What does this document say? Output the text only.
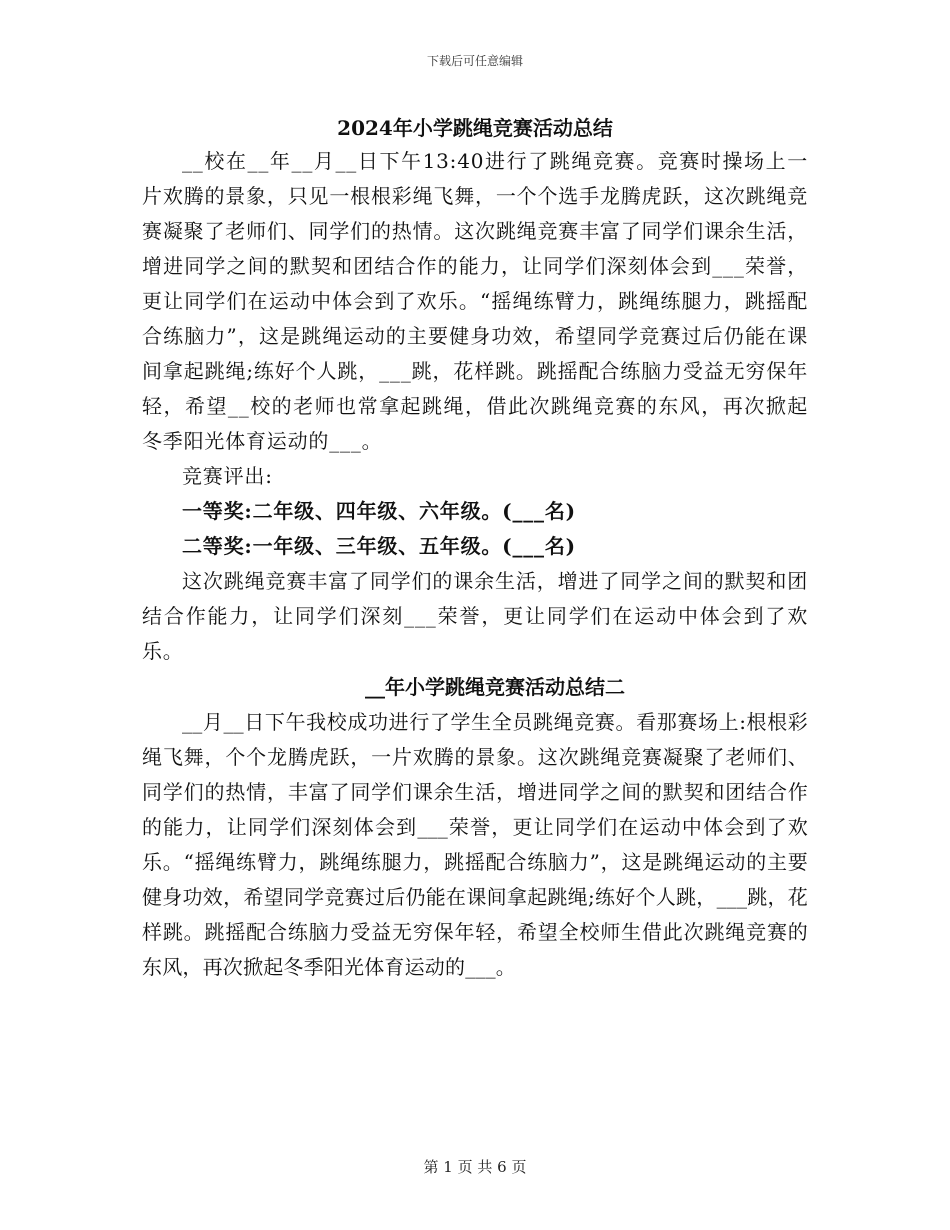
下载后可任意编辑
2024年小学跳绳竞赛活动总结

__校在__年__月__日下午13:40进行了跳绳竞赛。竞赛时操场上一片欢腾的景象，只见一根根彩绳飞舞，一个个选手龙腾虎跃，这次跳绳竞赛凝聚了老师们、同学们的热情。这次跳绳竞赛丰富了同学们课余生活，增进同学之间的默契和团结合作的能力，让同学们深刻体会到___荣誉，更让同学们在运动中体会到了欢乐。“摇绳练臂力，跳绳练腿力，跳摇配合练脑力”，这是跳绳运动的主要健身功效，希望同学竞赛过后仍能在课间拿起跳绳;练好个人跳，___跳，花样跳。跳摇配合练脑力受益无穷保年轻，希望__校的老师也常拿起跳绳，借此次跳绳竞赛的东风，再次掀起冬季阳光体育运动的___。

竞赛评出:

一等奖:二年级、四年级、六年级。(___名)

二等奖:一年级、三年级、五年级。(___名)

这次跳绳竞赛丰富了同学们的课余生活，增进了同学之间的默契和团结合作能力，让同学们深刻___荣誉，更让同学们在运动中体会到了欢乐。

__年小学跳绳竞赛活动总结二

__月__日下午我校成功进行了学生全员跳绳竞赛。看那赛场上:根根彩绳飞舞，个个龙腾虎跃，一片欢腾的景象。这次跳绳竞赛凝聚了老师们、同学们的热情，丰富了同学们课余生活，增进同学之间的默契和团结合作的能力，让同学们深刻体会到___荣誉，更让同学们在运动中体会到了欢乐。“摇绳练臂力，跳绳练腿力，跳摇配合练脑力”，这是跳绳运动的主要健身功效，希望同学竞赛过后仍能在课间拿起跳绳;练好个人跳，___跳，花样跳。跳摇配合练脑力受益无穷保年轻，希望全校师生借此次跳绳竞赛的东风，再次掀起冬季阳光体育运动的___。

第 1 页 共 6 页
